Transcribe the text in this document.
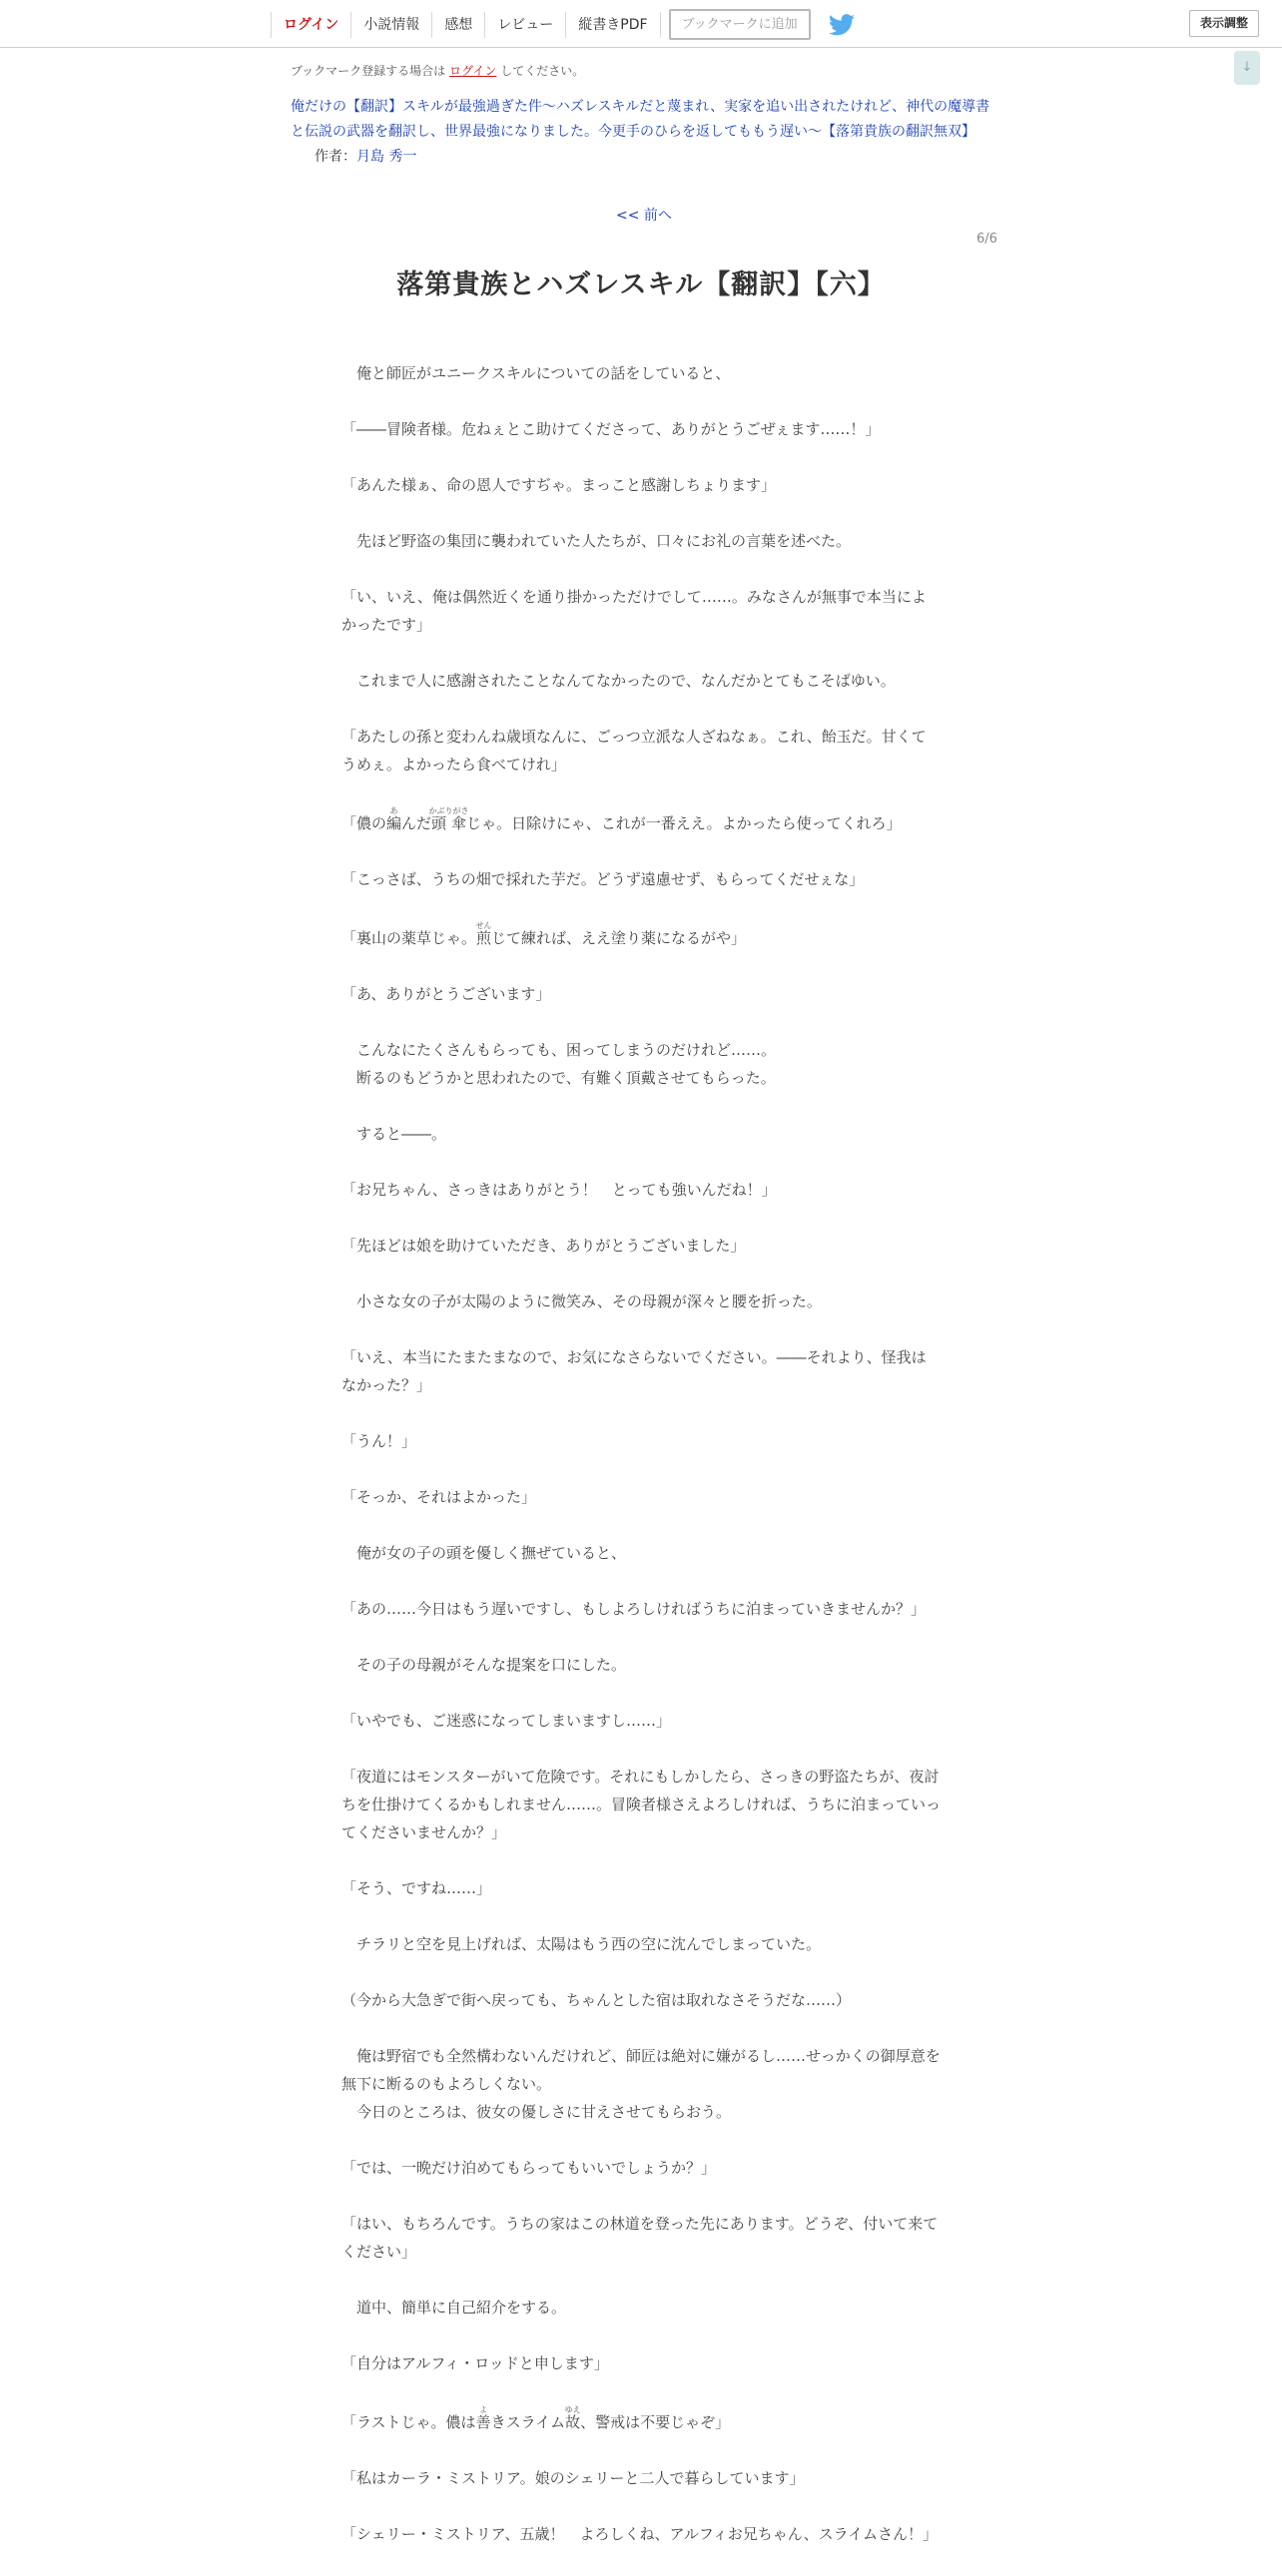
ログイン	小説情報	感想	レビュー	縦書きPDF	ブックマークに追加	表示調整
↓
ブックマーク登録する場合は ログイン してください。
俺だけの【翻訳】スキルが最強過ぎた件～ハズレスキルだと蔑まれ、実家を追い出されたけれど、神代の魔導書と伝説の武器を翻訳し、世界最強になりました。今更手のひらを返してももう遅い～【落第貴族の翻訳無双】作者：月島 秀一
<< 前へ
6/6
落第貴族とハズレスキル【翻訳】【六】

　俺と師匠がユニークスキルについての話をしていると、

「――冒険者様。危ねぇとこ助けてくださって、ありがとうごぜぇます……！」

「あんた様ぁ、命の恩人ですぢゃ。まっこと感謝しちょります」

　先ほど野盗の集団に襲われていた人たちが、口々にお礼の言葉を述べた。

「い、いえ、俺は偶然近くを通り掛かっただけでして……。みなさんが無事で本当によかったです」

　これまで人に感謝されたことなんてなかったので、なんだかとてもこそばゆい。

「あたしの孫と変わんね歳頃なんに、ごっつ立派な人ざねなぁ。これ、飴玉だ。甘くてうめぇ。よかったら食べてけれ」

「儂の編あんだ頭傘かぶりがさじゃ。日除けにゃ、これが一番ええ。よかったら使ってくれろ」

「こっさば、うちの畑で採れた芋だ。どうず遠慮せず、もらってくだせぇな」

「裏山の薬草じゃ。煎せんじて練れば、ええ塗り薬になるがや」

「あ、ありがとうございます」

　こんなにたくさんもらっても、困ってしまうのだけれど……。
　断るのもどうかと思われたので、有難く頂戴させてもらった。

　すると――。

「お兄ちゃん、さっきはありがとう！　とっても強いんだね！」

「先ほどは娘を助けていただき、ありがとうございました」

　小さな女の子が太陽のように微笑み、その母親が深々と腰を折った。

「いえ、本当にたまたまなので、お気になさらないでください。――それより、怪我はなかった？」

「うん！」

「そっか、それはよかった」

　俺が女の子の頭を優しく撫ぜていると、

「あの……今日はもう遅いですし、もしよろしければうちに泊まっていきませんか？」

　その子の母親がそんな提案を口にした。

「いやでも、ご迷惑になってしまいますし……」

「夜道にはモンスターがいて危険です。それにもしかしたら、さっきの野盗たちが、夜討ちを仕掛けてくるかもしれません……。冒険者様さえよろしければ、うちに泊まっていってくださいませんか？」

「そう、ですね……」

　チラリと空を見上げれば、太陽はもう西の空に沈んでしまっていた。

（今から大急ぎで街へ戻っても、ちゃんとした宿は取れなさそうだな……）

　俺は野宿でも全然構わないんだけれど、師匠は絶対に嫌がるし……せっかくの御厚意を無下に断るのもよろしくない。
　今日のところは、彼女の優しさに甘えさせてもらおう。

「では、一晩だけ泊めてもらってもいいでしょうか？」

「はい、もちろんです。うちの家はこの林道を登った先にあります。どうぞ、付いて来てください」

　道中、簡単に自己紹介をする。

「自分はアルフィ・ロッドと申します」

「ラストじゃ。儂は善よきスライム故ゆえ、警戒は不要じゃぞ」

「私はカーラ・ミストリア。娘のシェリーと二人で暮らしています」

「シェリー・ミストリア、五歳！　よろしくね、アルフィお兄ちゃん、スライムさん！」
